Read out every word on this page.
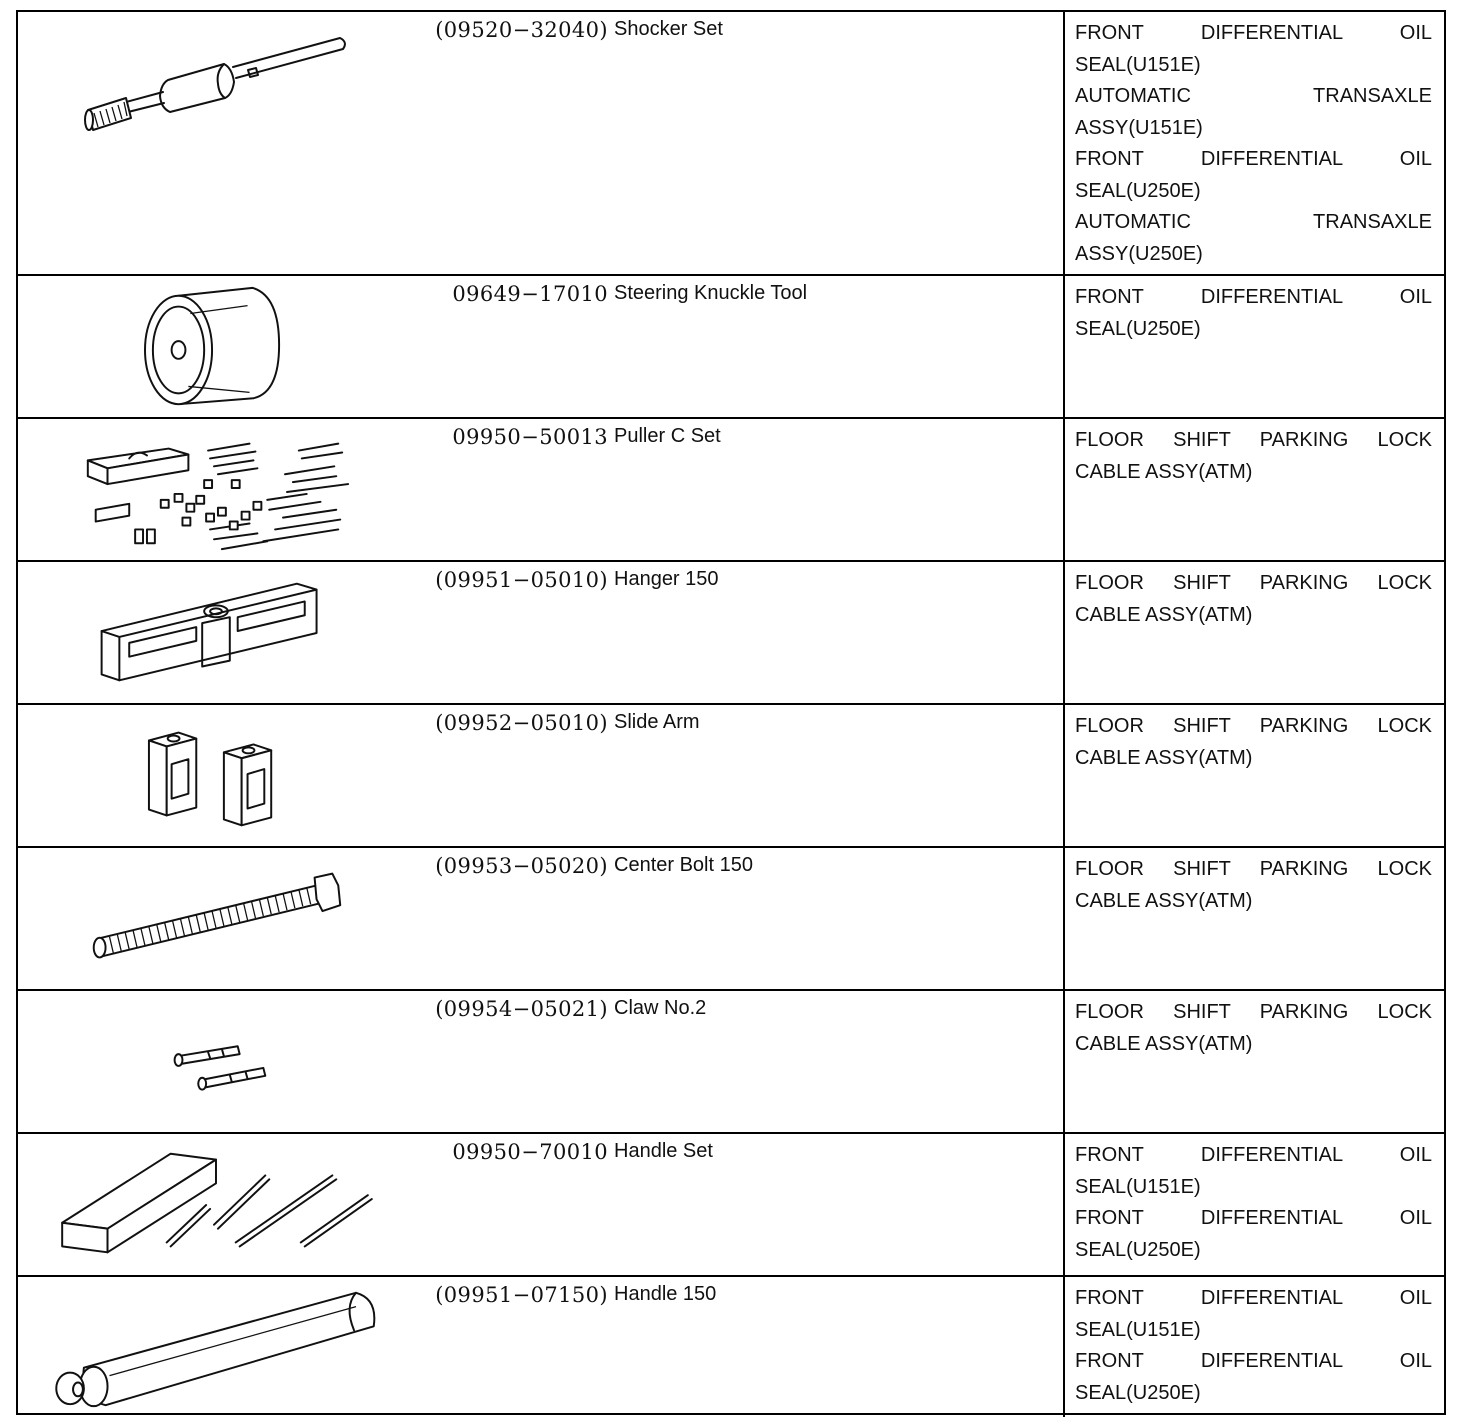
(09520−32040) Shocker Set	FRONT DIFFERENTIAL OIL SEAL(U151E)
AUTOMATIC TRANSAXLE ASSY(U151E)
FRONT DIFFERENTIAL OIL SEAL(U250E)
AUTOMATIC TRANSAXLE ASSY(U250E)
09649−17010 Steering Knuckle Tool	FRONT DIFFERENTIAL OIL SEAL(U250E)
09950−50013 Puller C Set	FLOOR SHIFT PARKING LOCK CABLE ASSY(ATM)
(09951−05010) Hanger 150	FLOOR SHIFT PARKING LOCK CABLE ASSY(ATM)
(09952−05010) Slide Arm	FLOOR SHIFT PARKING LOCK CABLE ASSY(ATM)
(09953−05020) Center Bolt 150	FLOOR SHIFT PARKING LOCK CABLE ASSY(ATM)
(09954−05021) Claw No.2	FLOOR SHIFT PARKING LOCK CABLE ASSY(ATM)
09950−70010 Handle Set	FRONT DIFFERENTIAL OIL SEAL(U151E)
FRONT DIFFERENTIAL OIL SEAL(U250E)
(09951−07150) Handle 150	FRONT DIFFERENTIAL OIL SEAL(U151E)
FRONT DIFFERENTIAL OIL SEAL(U250E)
